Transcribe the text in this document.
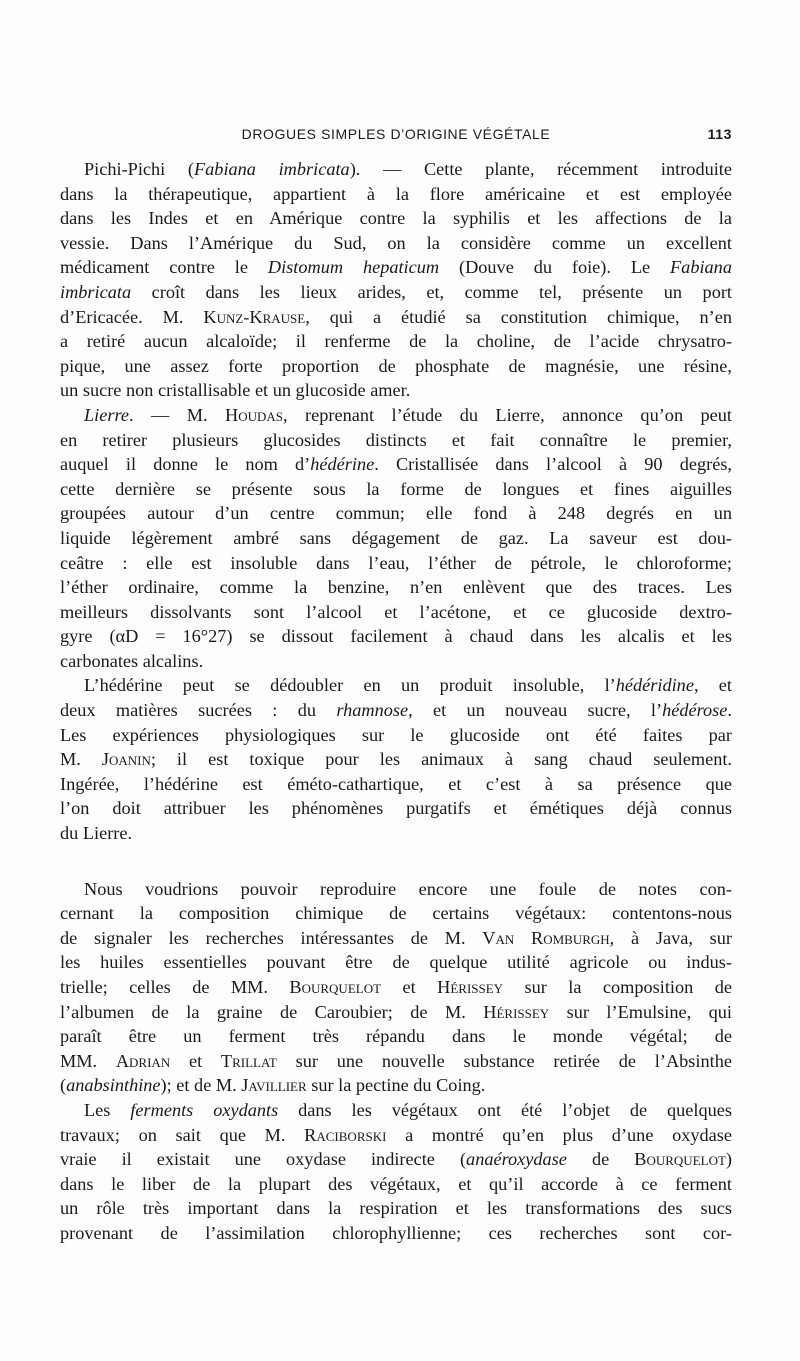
DROGUES SIMPLES D’ORIGINE VÉGÉTALE	113
Pichi-Pichi (Fabiana imbricata). — Cette plante, récemment introduite
dans la thérapeutique, appartient à la flore américaine et est employée
dans les Indes et en Amérique contre la syphilis et les affections de la
vessie. Dans l’Amérique du Sud, on la considère comme un excellent
médicament contre le Distomum hepaticum (Douve du foie). Le Fabiana
imbricata croît dans les lieux arides, et, comme tel, présente un port
d’Ericacée. M. Kunz-Krause, qui a étudié sa constitution chimique, n’en
a retiré aucun alcaloïde; il renferme de la choline, de l’acide chrysatro-
pique, une assez forte proportion de phosphate de magnésie, une résine,
un sucre non cristallisable et un glucoside amer.
Lierre. — M. Houdas, reprenant l’étude du Lierre, annonce qu’on peut
en retirer plusieurs glucosides distincts et fait connaître le premier,
auquel il donne le nom d’hédérine. Cristallisée dans l’alcool à 90 degrés,
cette dernière se présente sous la forme de longues et fines aiguilles
groupées autour d’un centre commun; elle fond à 248 degrés en un
liquide légèrement ambré sans dégagement de gaz. La saveur est dou-
ceâtre : elle est insoluble dans l’eau, l’éther de pétrole, le chloroforme;
l’éther ordinaire, comme la benzine, n’en enlèvent que des traces. Les
meilleurs dissolvants sont l’alcool et l’acétone, et ce glucoside dextro-
gyre (αD = 16°27) se dissout facilement à chaud dans les alcalis et les
carbonates alcalins.
L’hédérine peut se dédoubler en un produit insoluble, l’hédéridine, et
deux matières sucrées : du rhamnose, et un nouveau sucre, l’hédérose.
Les expériences physiologiques sur le glucoside ont été faites par
M. Joanin; il est toxique pour les animaux à sang chaud seulement.
Ingérée, l’hédérine est éméto-cathartique, et c’est à sa présence que
l’on doit attribuer les phénomènes purgatifs et émétiques déjà connus
du Lierre.
Nous voudrions pouvoir reproduire encore une foule de notes con-
cernant la composition chimique de certains végétaux: contentons-nous
de signaler les recherches intéressantes de M. Van Romburgh, à Java, sur
les huiles essentielles pouvant être de quelque utilité agricole ou indus-
trielle; celles de MM. Bourquelot et Hérissey sur la composition de
l’albumen de la graine de Caroubier; de M. Hérissey sur l’Emulsine, qui
paraît être un ferment très répandu dans le monde végétal; de
MM. Adrian et Trillat sur une nouvelle substance retirée de l’Absinthe
(anabsinthine); et de M. Javillier sur la pectine du Coing.
Les ferments oxydants dans les végétaux ont été l’objet de quelques
travaux; on sait que M. Raciborski a montré qu’en plus d’une oxydase
vraie il existait une oxydase indirecte (anaéroxydase de Bourquelot)
dans le liber de la plupart des végétaux, et qu’il accorde à ce ferment
un rôle très important dans la respiration et les transformations des sucs
provenant de l’assimilation chlorophyllienne; ces recherches sont cor-
